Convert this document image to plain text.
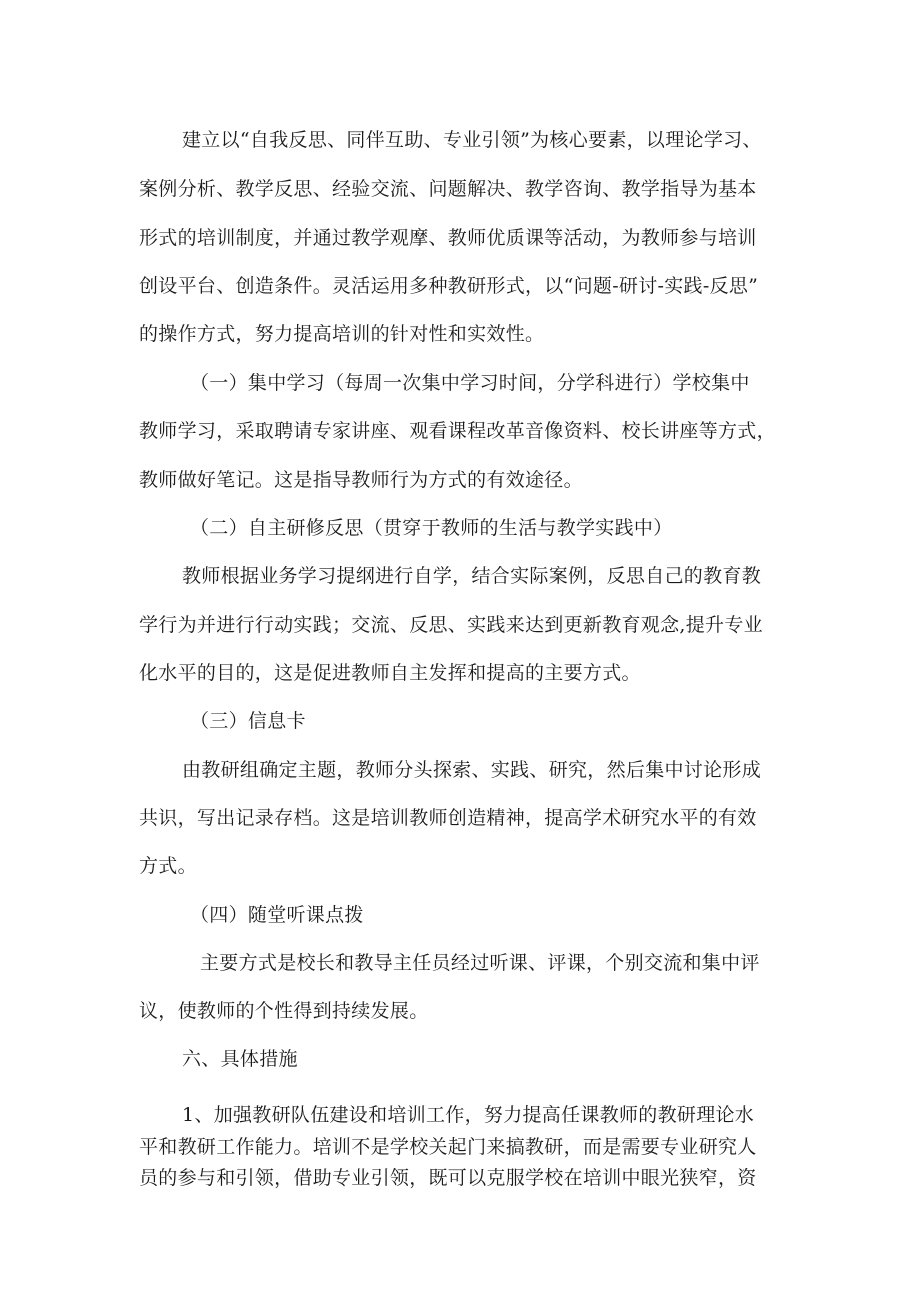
建立以“自我反思、同伴互助、专业引领”为核心要素，以理论学习、
案例分析、教学反思、经验交流、问题解决、教学咨询、教学指导为基本
形式的培训制度，并通过教学观摩、教师优质课等活动，为教师参与培训
创设平台、创造条件。灵活运用多种教研形式，以“问题-研讨-实践-反思”
的操作方式，努力提高培训的针对性和实效性。
（一）集中学习（每周一次集中学习时间，分学科进行）学校集中
教师学习，采取聘请专家讲座、观看课程改革音像资料、校长讲座等方式，
教师做好笔记。这是指导教师行为方式的有效途径。
（二）自主研修反思（贯穿于教师的生活与教学实践中）
教师根据业务学习提纲进行自学，结合实际案例，反思自己的教育教
学行为并进行行动实践；交流、反思、实践来达到更新教育观念,提升专业
化水平的目的，这是促进教师自主发挥和提高的主要方式。
（三）信息卡
由教研组确定主题，教师分头探索、实践、研究，然后集中讨论形成
共识，写出记录存档。这是培训教师创造精神，提高学术研究水平的有效
方式。
（四）随堂听课点拨
主要方式是校长和教导主任员经过听课、评课，个别交流和集中评
议，使教师的个性得到持续发展。
六、具体措施
1、加强教研队伍建设和培训工作，努力提高任课教师的教研理论水
平和教研工作能力。培训不是学校关起门来搞教研，而是需要专业研究人
员的参与和引领，借助专业引领，既可以克服学校在培训中眼光狭窄，资
